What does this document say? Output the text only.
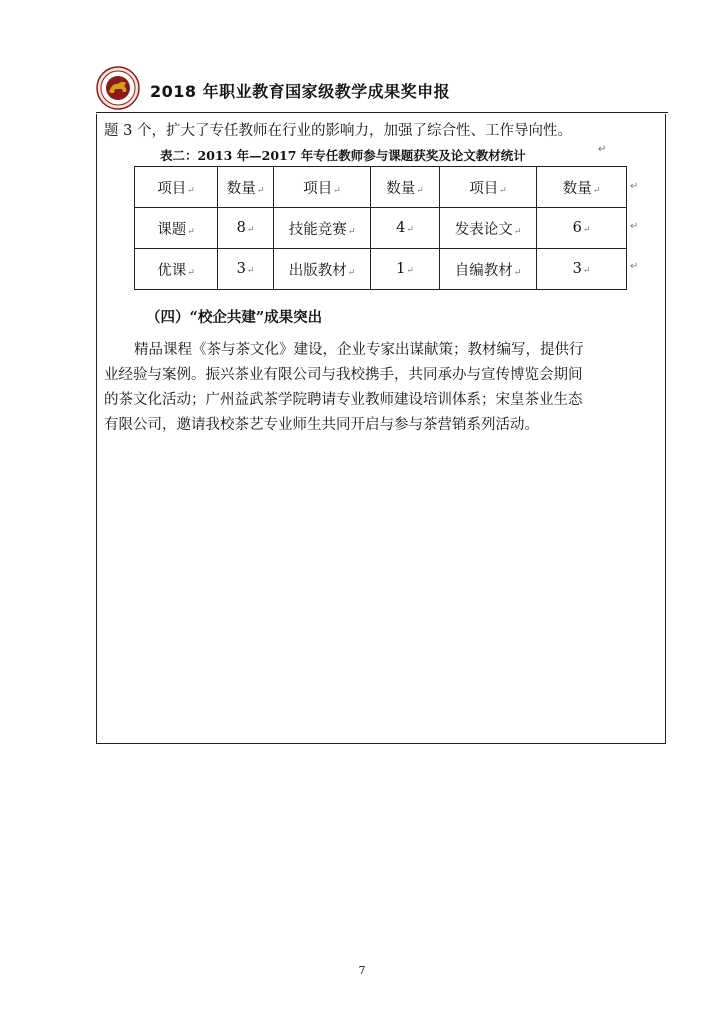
2018 年职业教育国家级教学成果奖申报
题 3 个，扩大了专任教师在行业的影响力，加强了综合性、工作导向性。
表二：2013 年—2017 年专任教师参与课题获奖及论文教材统计	↵
项目↵	数量↵	项目↵	数量↵	项目↵	数量↵
课题↵	8↵	技能竞赛↵	4↵	发表论文↵	6↵
优课↵	3↵	出版教材↵	1↵	自编教材↵	3↵
↵
↵
↵
（四）“校企共建”成果突出
精品课程《茶与茶文化》建设，企业专家出谋献策；教材编写，提供行
业经验与案例。振兴茶业有限公司与我校携手，共同承办与宣传博览会期间
的茶文化活动；广州益武茶学院聘请专业教师建设培训体系；宋皇茶业生态
有限公司，邀请我校茶艺专业师生共同开启与参与茶营销系列活动。
7
